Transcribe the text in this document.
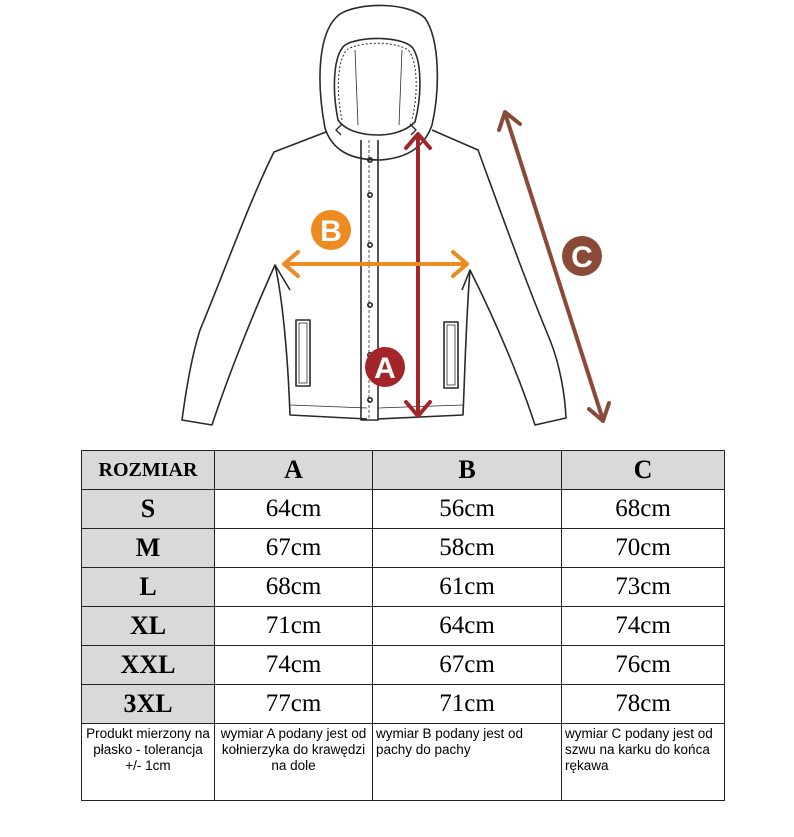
A
B
C
ROZMIAR	A	B	C
S	64cm	56cm	68cm
M	67cm	58cm	70cm
L	68cm	61cm	73cm
XL	71cm	64cm	74cm
XXL	74cm	67cm	76cm
3XL	77cm	71cm	78cm
Produkt mierzony na płasko - tolerancja +/- 1cm	wymiar A podany jest od kołnierzyka do krawędzi na dole	wymiar B podany jest od pachy do pachy	wymiar C podany jest od szwu na karku do końca rękawa
